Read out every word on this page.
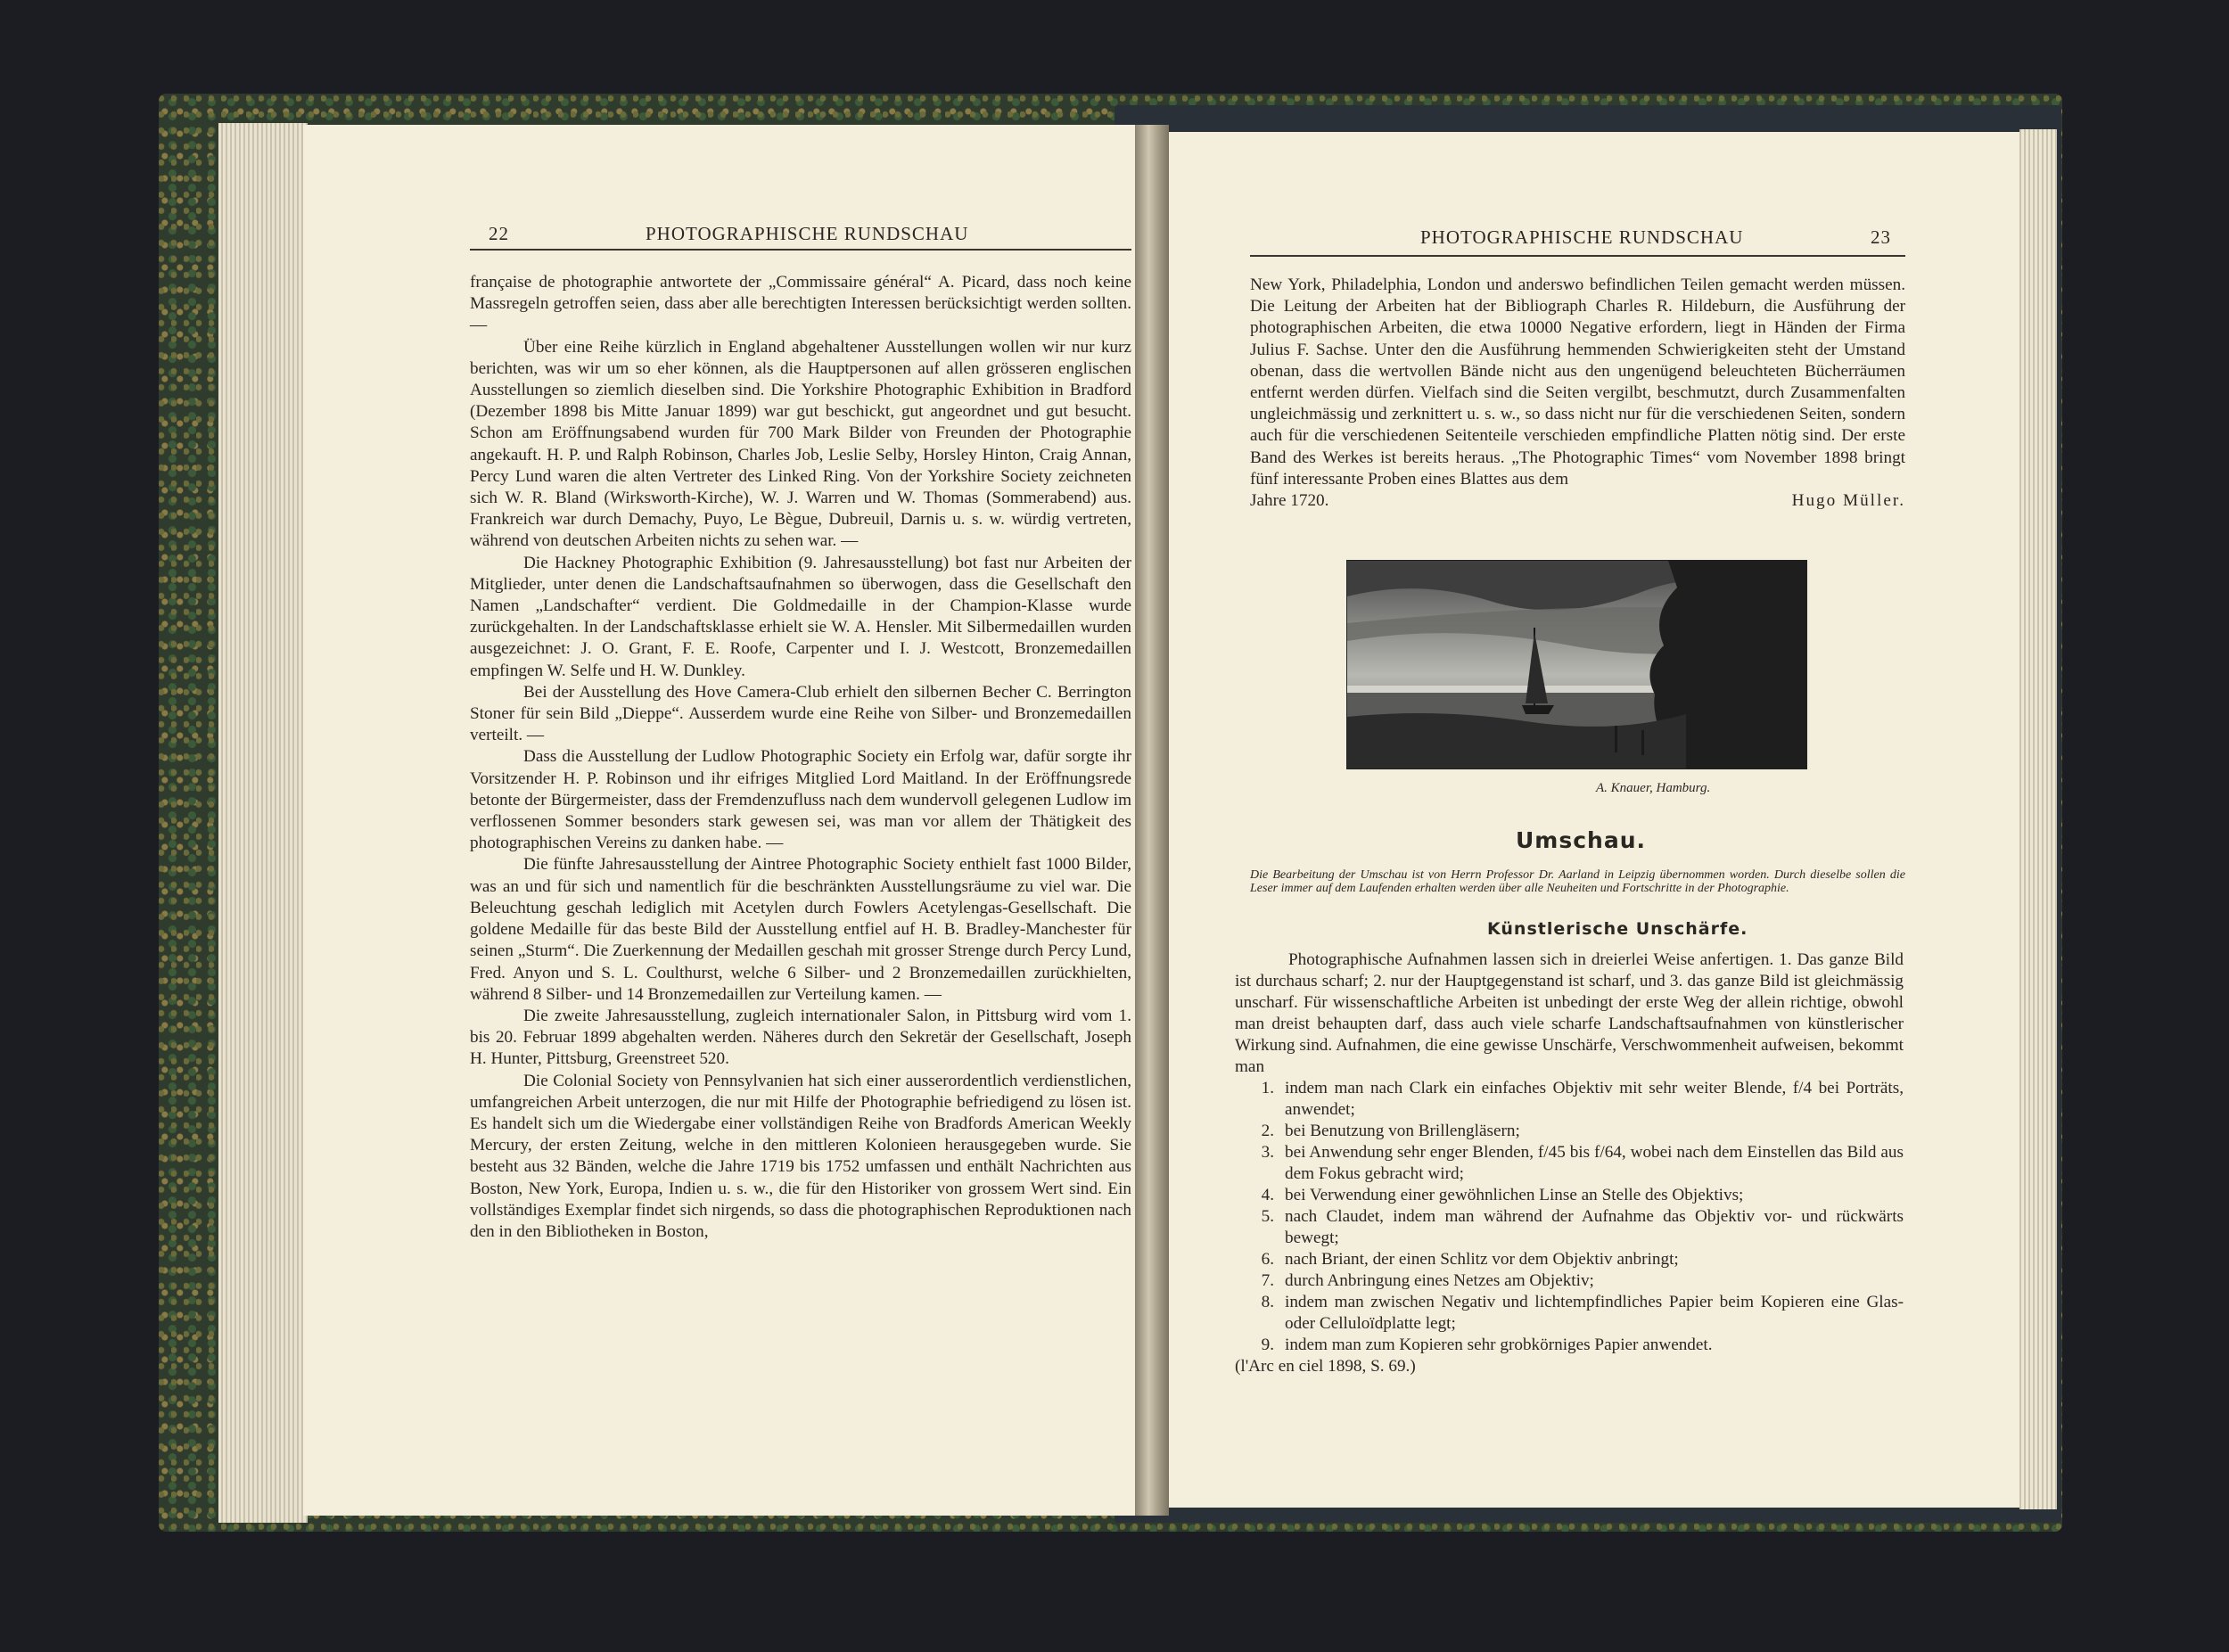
22	PHOTOGRAPHISCHE RUNDSCHAU

française de photographie antwortete der „Commissaire général“ A. Picard, dass noch keine Massregeln getroffen seien, dass aber alle berechtigten Interessen berücksichtigt werden sollten. —

Über eine Reihe kürzlich in England abgehaltener Ausstellungen wollen wir nur kurz berichten, was wir um so eher können, als die Hauptpersonen auf allen grösseren englischen Ausstellungen so ziemlich dieselben sind. Die Yorkshire Photographic Exhibition in Bradford (Dezember 1898 bis Mitte Januar 1899) war gut beschickt, gut angeordnet und gut besucht. Schon am Eröffnungsabend wurden für 700 Mark Bilder von Freunden der Photographie angekauft. H. P. und Ralph Robinson, Charles Job, Leslie Selby, Horsley Hinton, Craig Annan, Percy Lund waren die alten Vertreter des Linked Ring. Von der Yorkshire Society zeichneten sich W. R. Bland (Wirksworth-Kirche), W. J. Warren und W. Thomas (Sommerabend) aus. Frankreich war durch Demachy, Puyo, Le Bègue, Dubreuil, Darnis u. s. w. würdig vertreten, während von deutschen Arbeiten nichts zu sehen war. —

Die Hackney Photographic Exhibition (9. Jahresausstellung) bot fast nur Arbeiten der Mitglieder, unter denen die Landschaftsaufnahmen so überwogen, dass die Gesellschaft den Namen „Landschafter“ verdient. Die Goldmedaille in der Champion-Klasse wurde zurückgehalten. In der Landschaftsklasse erhielt sie W. A. Hensler. Mit Silbermedaillen wurden ausgezeichnet: J. O. Grant, F. E. Roofe, Carpenter und I. J. Westcott, Bronzemedaillen empfingen W. Selfe und H. W. Dunkley.

Bei der Ausstellung des Hove Camera-Club erhielt den silbernen Becher C. Berrington Stoner für sein Bild „Dieppe“. Ausserdem wurde eine Reihe von Silber- und Bronzemedaillen verteilt. —

Dass die Ausstellung der Ludlow Photographic Society ein Erfolg war, dafür sorgte ihr Vorsitzender H. P. Robinson und ihr eifriges Mitglied Lord Maitland. In der Eröffnungsrede betonte der Bürgermeister, dass der Fremdenzufluss nach dem wundervoll gelegenen Ludlow im verflossenen Sommer besonders stark gewesen sei, was man vor allem der Thätigkeit des photographischen Vereins zu danken habe. —

Die fünfte Jahresausstellung der Aintree Photographic Society enthielt fast 1000 Bilder, was an und für sich und namentlich für die beschränkten Ausstellungsräume zu viel war. Die Beleuchtung geschah lediglich mit Acetylen durch Fowlers Acetylengas-Gesellschaft. Die goldene Medaille für das beste Bild der Ausstellung entfiel auf H. B. Bradley-Manchester für seinen „Sturm“. Die Zuerkennung der Medaillen geschah mit grosser Strenge durch Percy Lund, Fred. Anyon und S. L. Coulthurst, welche 6 Silber- und 2 Bronzemedaillen zurückhielten, während 8 Silber- und 14 Bronzemedaillen zur Verteilung kamen. —

Die zweite Jahresausstellung, zugleich internationaler Salon, in Pittsburg wird vom 1. bis 20. Februar 1899 abgehalten werden. Näheres durch den Sekretär der Gesellschaft, Joseph H. Hunter, Pittsburg, Greenstreet 520.

Die Colonial Society von Pennsylvanien hat sich einer ausserordentlich verdienstlichen, umfangreichen Arbeit unterzogen, die nur mit Hilfe der Photographie befriedigend zu lösen ist. Es handelt sich um die Wiedergabe einer vollständigen Reihe von Bradfords American Weekly Mercury, der ersten Zeitung, welche in den mittleren Kolonieen herausgegeben wurde. Sie besteht aus 32 Bänden, welche die Jahre 1719 bis 1752 umfassen und enthält Nachrichten aus Boston, New York, Europa, Indien u. s. w., die für den Historiker von grossem Wert sind. Ein vollständiges Exemplar findet sich nirgends, so dass die photographischen Reproduktionen nach den in den Bibliotheken in Boston,

PHOTOGRAPHISCHE RUNDSCHAU	23

New York, Philadelphia, London und anderswo befindlichen Teilen gemacht werden müssen. Die Leitung der Arbeiten hat der Bibliograph Charles R. Hildeburn, die Ausführung der photographischen Arbeiten, die etwa 10000 Negative erfordern, liegt in Händen der Firma Julius F. Sachse. Unter den die Ausführung hemmenden Schwierigkeiten steht der Umstand obenan, dass die wertvollen Bände nicht aus den ungenügend beleuchteten Bücherräumen entfernt werden dürfen. Vielfach sind die Seiten vergilbt, beschmutzt, durch Zusammenfalten ungleichmässig und zerknittert u. s. w., so dass nicht nur für die verschiedenen Seiten, sondern auch für die verschiedenen Seitenteile verschieden empfindliche Platten nötig sind. Der erste Band des Werkes ist bereits heraus. „The Photographic Times“ vom November 1898 bringt fünf interessante Proben eines Blattes aus dem

Jahre 1720.	Hugo Müller.
A. Knauer, Hamburg.
Umschau.
Die Bearbeitung der Umschau ist von Herrn Professor Dr. Aarland in Leipzig übernommen worden. Durch dieselbe sollen die Leser immer auf dem Laufenden erhalten werden über alle Neuheiten und Fortschritte in der Photographie.
Künstlerische Unschärfe.

Photographische Aufnahmen lassen sich in dreierlei Weise anfertigen. 1. Das ganze Bild ist durchaus scharf; 2. nur der Hauptgegenstand ist scharf, und 3. das ganze Bild ist gleichmässig unscharf. Für wissenschaftliche Arbeiten ist unbedingt der erste Weg der allein richtige, obwohl man dreist behaupten darf, dass auch viele scharfe Landschaftsaufnahmen von künstlerischer Wirkung sind. Aufnahmen, die eine gewisse Unschärfe, Verschwommenheit aufweisen, bekommt man

1. indem man nach Clark ein einfaches Objektiv mit sehr weiter Blende, f/4 bei Porträts, anwendet;
2. bei Benutzung von Brillengläsern;
3. bei Anwendung sehr enger Blenden, f/45 bis f/64, wobei nach dem Einstellen das Bild aus dem Fokus gebracht wird;
4. bei Verwendung einer gewöhnlichen Linse an Stelle des Objektivs;
5. nach Claudet, indem man während der Aufnahme das Objektiv vor- und rückwärts bewegt;
6. nach Briant, der einen Schlitz vor dem Objektiv anbringt;
7. durch Anbringung eines Netzes am Objektiv;
8. indem man zwischen Negativ und lichtempfindliches Papier beim Kopieren eine Glas- oder Celluloïdplatte legt;
9. indem man zum Kopieren sehr grobkörniges Papier anwendet.

(l'Arc en ciel 1898, S. 69.)
